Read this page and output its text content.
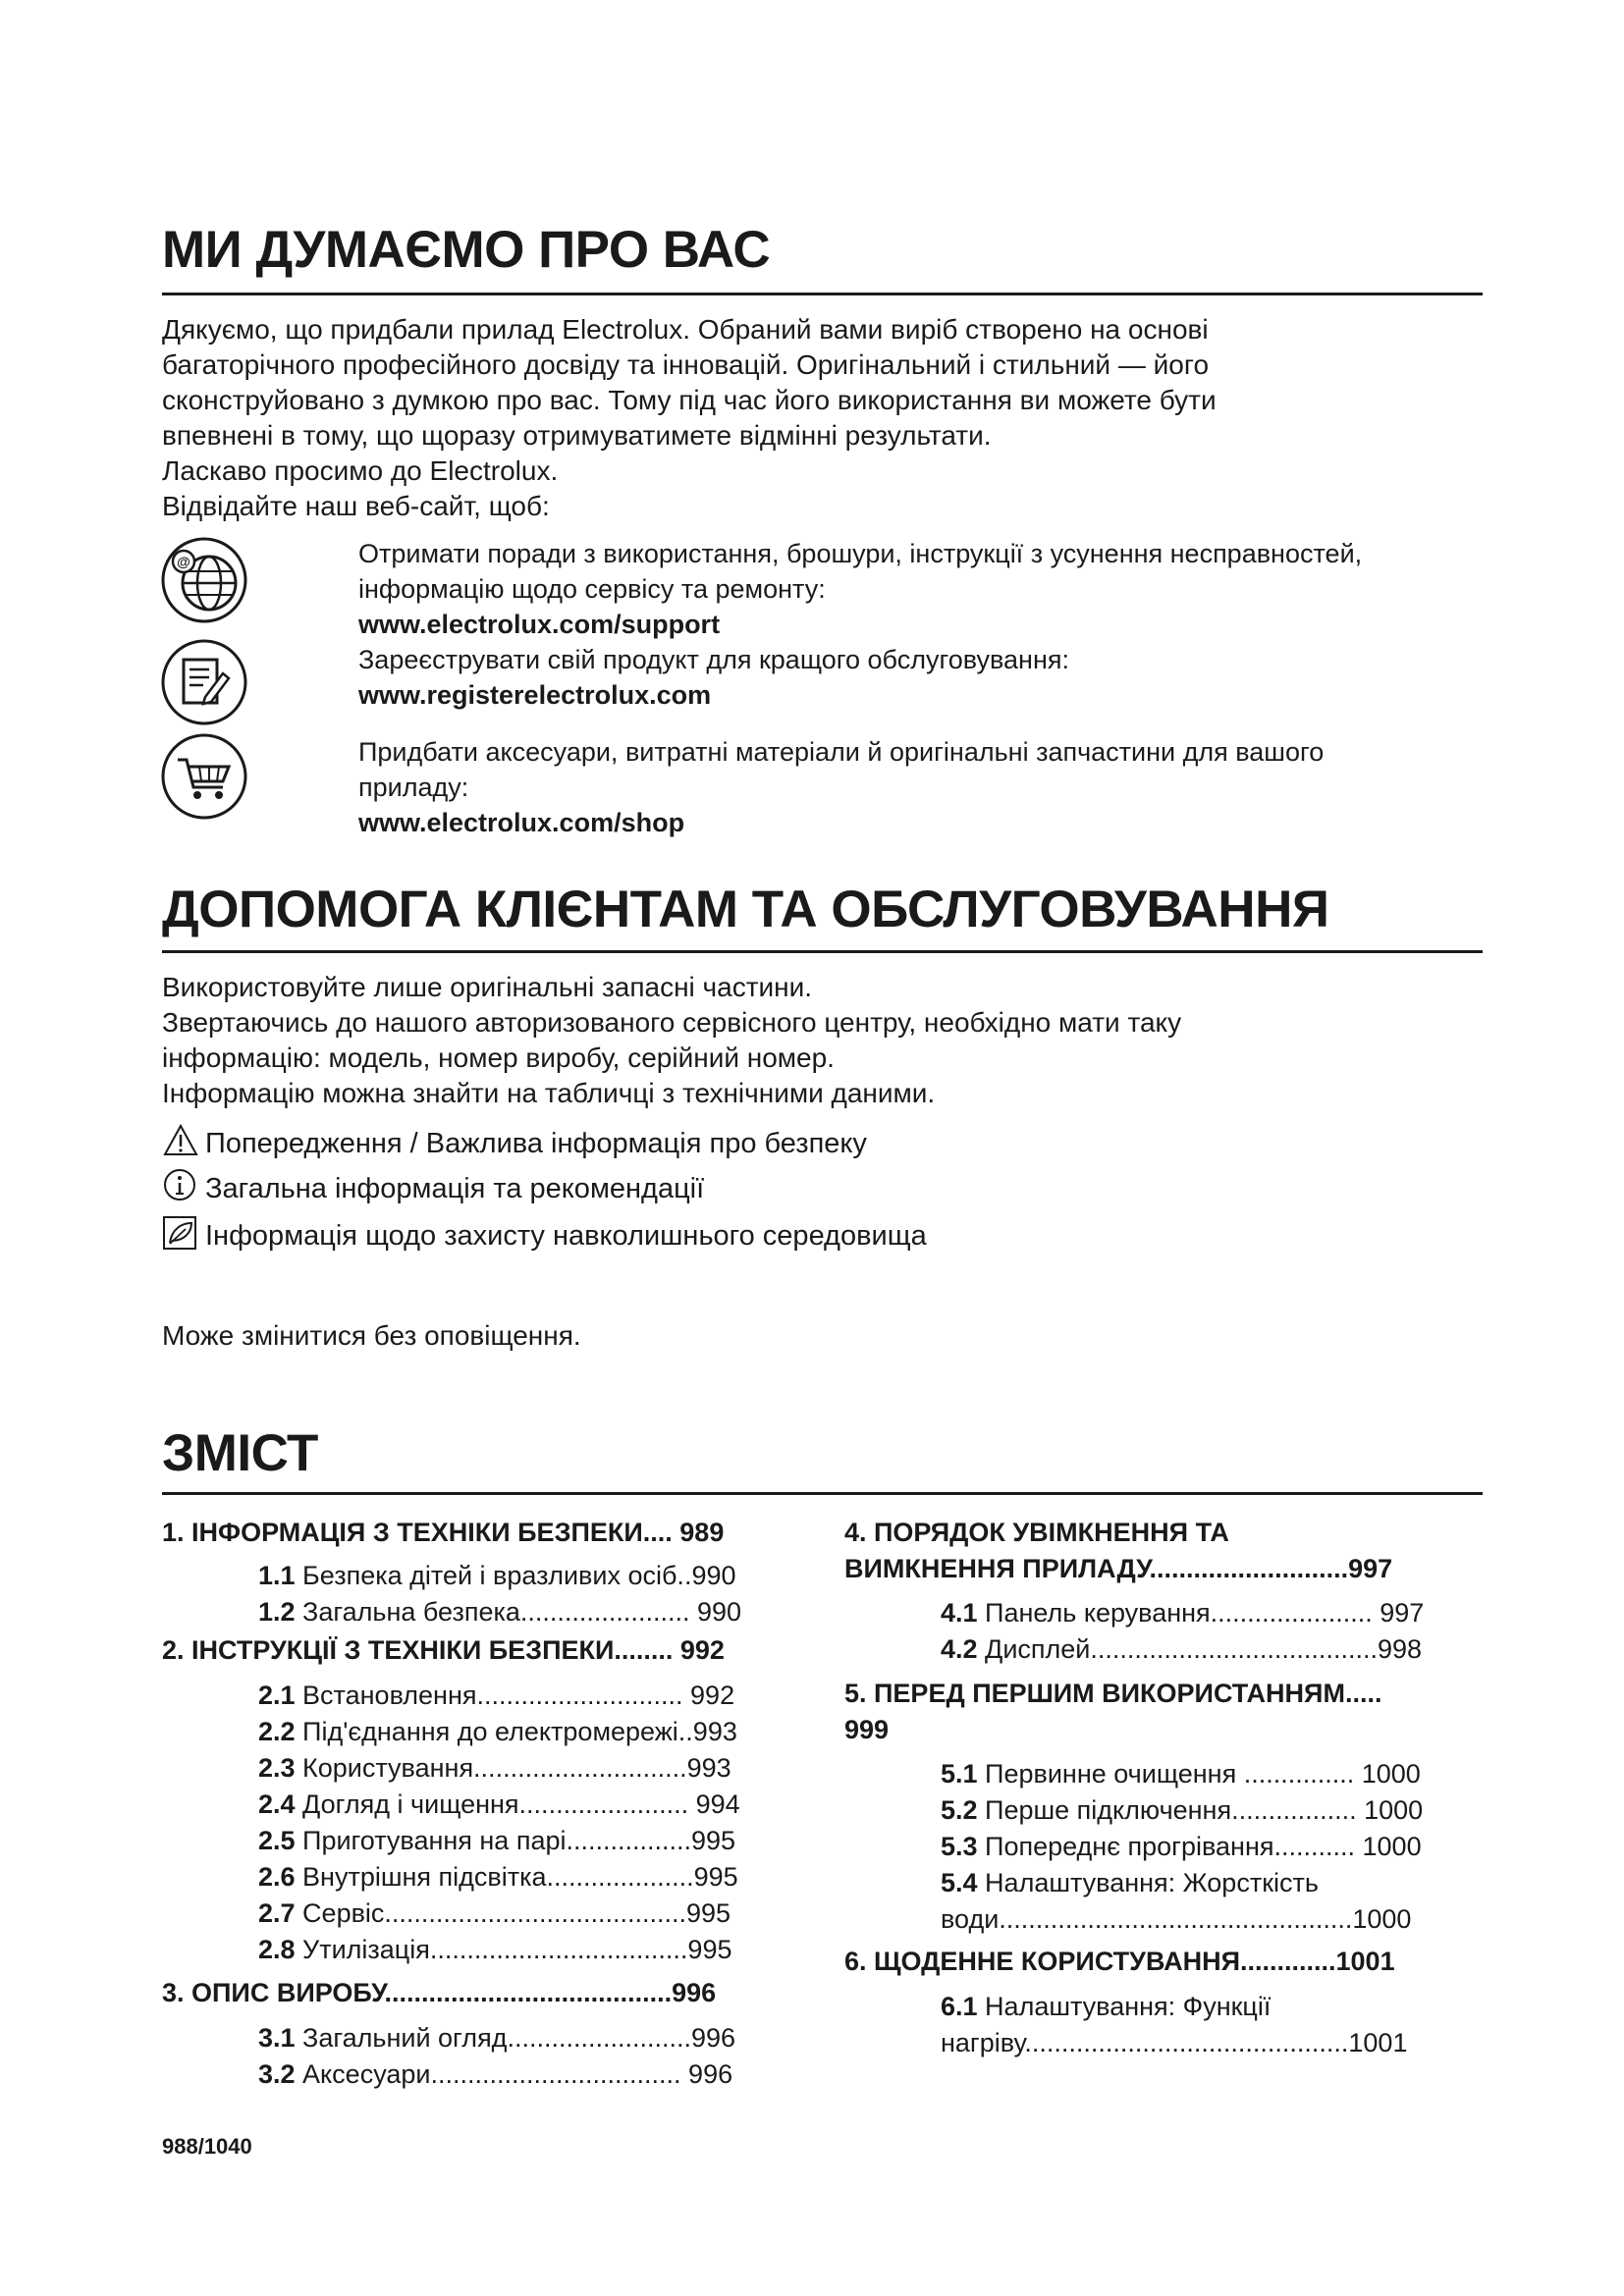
МИ ДУМАЄМО ПРО ВАС
Дякуємо, що придбали прилад Electrolux. Обраний вами виріб створено на основі
багаторічного професійного досвіду та інновацій. Оригінальний і стильний — його
сконструйовано з думкою про вас. Тому під час його використання ви можете бути
впевнені в тому, що щоразу отримуватимете відмінні результати.
Ласкаво просимо до Electrolux.
Відвідайте наш веб-сайт, щоб:
@	Отримати поради з використання, брошури, інструкції з усунення несправностей,
інформацію щодо сервісу та ремонту:
www.electrolux.com/support
Зареєструвати свій продукт для кращого обслуговування:
www.registerelectrolux.com
Придбати аксесуари, витратні матеріали й оригінальні запчастини для вашого
приладу:
www.electrolux.com/shop
ДОПОМОГА КЛІЄНТАМ ТА ОБСЛУГОВУВАННЯ
Використовуйте лише оригінальні запасні частини.
Звертаючись до нашого авторизованого сервісного центру, необхідно мати таку
інформацію: модель, номер виробу, серійний номер.
Інформацію можна знайти на табличці з технічними даними.
Попередження / Важлива інформація про безпеку
Загальна інформація та рекомендації
Інформація щодо захисту навколишнього середовища
Може змінитися без оповіщення.
ЗМІСТ
1. ІНФОРМАЦІЯ З ТЕХНІКИ БЕЗПЕКИ.... 989
1.1 Безпека дітей і вразливих осіб..990
1.2 Загальна безпека....................... 990
2. ІНСТРУКЦІЇ З ТЕХНІКИ БЕЗПЕКИ........ 992
2.1 Встановлення............................ 992
2.2 Під'єднання до електромережі..993
2.3 Користування.............................993
2.4 Догляд і чищення....................... 994
2.5 Приготування на парі.................995
2.6 Внутрішня підсвітка....................995
2.7 Сервіс.........................................995
2.8 Утилізація...................................995
3. ОПИС ВИРОБУ.......................................996
3.1 Загальний огляд.........................996
3.2 Аксесуари.................................. 996
4. ПОРЯДОК УВІМКНЕННЯ ТА
ВИМКНЕННЯ ПРИЛАДУ...........................997
4.1 Панель керування...................... 997
4.2 Дисплей.......................................998
5. ПЕРЕД ПЕРШИМ ВИКОРИСТАННЯМ.....
999
5.1 Первинне очищення ............... 1000
5.2 Перше підключення................. 1000
5.3 Попереднє прогрівання........... 1000
5.4 Налаштування: Жорсткість
води................................................1000
6. ЩОДЕННЕ КОРИСТУВАННЯ.............1001
6.1 Налаштування: Функції
нагріву............................................1001
988/1040
